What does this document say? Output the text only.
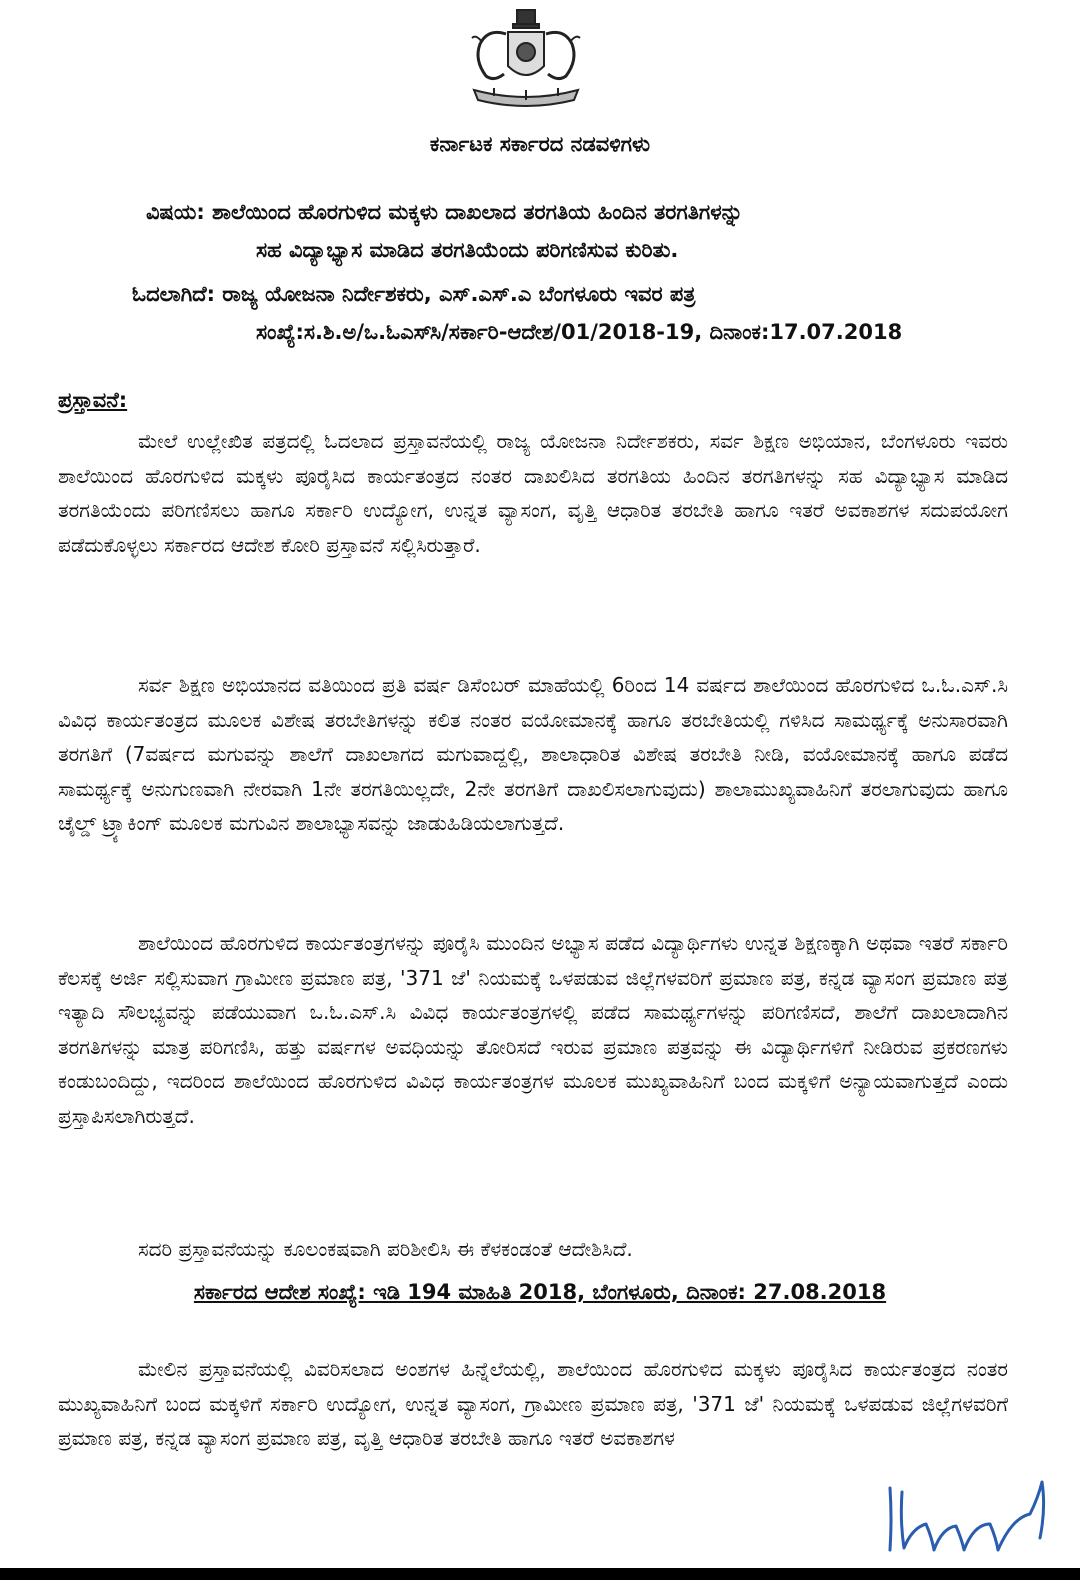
ಕರ್ನಾಟಕ ಸರ್ಕಾರದ ನಡವಳಿಗಳು
ವಿಷಯ: ಶಾಲೆಯಿಂದ ಹೊರಗುಳಿದ ಮಕ್ಕಳು ದಾಖಲಾದ ತರಗತಿಯ ಹಿಂದಿನ ತರಗತಿಗಳನ್ನು
ಸಹ ವಿದ್ಯಾಭ್ಯಾಸ ಮಾಡಿದ ತರಗತಿಯೆಂದು ಪರಿಗಣಿಸುವ ಕುರಿತು.
ಓದಲಾಗಿದೆ: ರಾಜ್ಯ ಯೋಜನಾ ನಿರ್ದೇಶಕರು, ಎಸ್.ಎಸ್.ಎ ಬೆಂಗಳೂರು ಇವರ ಪತ್ರ
ಸಂಖ್ಯೆ:ಸ.ಶಿ.ಅ/ಒ.ಓಎಸ್‍ಸಿ/ಸರ್ಕಾರಿ-ಆದೇಶ/01/2018-19, ದಿನಾಂಕ:17.07.2018
ಪ್ರಸ್ತಾವನೆ:

ಮೇಲೆ ಉಲ್ಲೇಖಿತ ಪತ್ರದಲ್ಲಿ ಓದಲಾದ ಪ್ರಸ್ತಾವನೆಯಲ್ಲಿ ರಾಜ್ಯ ಯೋಜನಾ ನಿರ್ದೇಶಕರು, ಸರ್ವ ಶಿಕ್ಷಣ ಅಭಿಯಾನ, ಬೆಂಗಳೂರು ಇವರು ಶಾಲೆಯಿಂದ ಹೊರಗುಳಿದ ಮಕ್ಕಳು ಪೂರೈಸಿದ ಕಾರ್ಯತಂತ್ರದ ನಂತರ ದಾಖಲಿಸಿದ ತರಗತಿಯ ಹಿಂದಿನ ತರಗತಿಗಳನ್ನು ಸಹ ವಿದ್ಯಾಭ್ಯಾಸ ಮಾಡಿದ ತರಗತಿಯೆಂದು ಪರಿಗಣಿಸಲು ಹಾಗೂ ಸರ್ಕಾರಿ ಉದ್ಯೋಗ, ಉನ್ನತ ವ್ಯಾಸಂಗ, ವೃತ್ತಿ ಆಧಾರಿತ ತರಬೇತಿ ಹಾಗೂ ಇತರೆ ಅವಕಾಶಗಳ ಸದುಪಯೋಗ ಪಡೆದುಕೊಳ್ಳಲು ಸರ್ಕಾರದ ಆದೇಶ ಕೋರಿ ಪ್ರಸ್ತಾವನೆ ಸಲ್ಲಿಸಿರುತ್ತಾರೆ.

ಸರ್ವ ಶಿಕ್ಷಣ ಅಭಿಯಾನದ ವತಿಯಿಂದ ಪ್ರತಿ ವರ್ಷ ಡಿಸೆಂಬರ್ ಮಾಹೆಯಲ್ಲಿ 6ರಿಂದ 14 ವರ್ಷದ ಶಾಲೆಯಿಂದ ಹೊರಗುಳಿದ ಒ.ಓ.ಎಸ್.ಸಿ ವಿವಿಧ ಕಾರ್ಯತಂತ್ರದ ಮೂಲಕ ವಿಶೇಷ ತರಬೇತಿಗಳನ್ನು ಕಲಿತ ನಂತರ ವಯೋಮಾನಕ್ಕೆ ಹಾಗೂ ತರಬೇತಿಯಲ್ಲಿ ಗಳಿಸಿದ ಸಾಮರ್ಥ್ಯಕ್ಕೆ ಅನುಸಾರವಾಗಿ ತರಗತಿಗೆ (7ವರ್ಷದ ಮಗುವನ್ನು ಶಾಲೆಗೆ ದಾಖಲಾಗದ ಮಗುವಾದ್ದಲ್ಲಿ, ಶಾಲಾಧಾರಿತ ವಿಶೇಷ ತರಬೇತಿ ನೀಡಿ, ವಯೋಮಾನಕ್ಕೆ ಹಾಗೂ ಪಡೆದ ಸಾಮರ್ಥ್ಯಕ್ಕೆ ಅನುಗುಣವಾಗಿ ನೇರವಾಗಿ 1ನೇ ತರಗತಿಯಿಲ್ಲದೇ, 2ನೇ ತರಗತಿಗೆ ದಾಖಲಿಸಲಾಗುವುದು) ಶಾಲಾಮುಖ್ಯವಾಹಿನಿಗೆ ತರಲಾಗುವುದು ಹಾಗೂ ಚೈಲ್ಡ್ ಟ್ರ್ಯಾಕಿಂಗ್ ಮೂಲಕ ಮಗುವಿನ ಶಾಲಾಭ್ಯಾಸವನ್ನು ಜಾಡುಹಿಡಿಯಲಾಗುತ್ತದೆ.

ಶಾಲೆಯಿಂದ ಹೊರಗುಳಿದ ಕಾರ್ಯತಂತ್ರಗಳನ್ನು ಪೂರೈಸಿ ಮುಂದಿನ ಅಭ್ಯಾಸ ಪಡೆದ ವಿದ್ಯಾರ್ಥಿಗಳು ಉನ್ನತ ಶಿಕ್ಷಣಕ್ಕಾಗಿ ಅಥವಾ ಇತರೆ ಸರ್ಕಾರಿ ಕೆಲಸಕ್ಕೆ ಅರ್ಜಿ ಸಲ್ಲಿಸುವಾಗ ಗ್ರಾಮೀಣ ಪ್ರಮಾಣ ಪತ್ರ, '371 ಜೆ' ನಿಯಮಕ್ಕೆ ಒಳಪಡುವ ಜಿಲ್ಲೆಗಳವರಿಗೆ ಪ್ರಮಾಣ ಪತ್ರ, ಕನ್ನಡ ವ್ಯಾಸಂಗ ಪ್ರಮಾಣ ಪತ್ರ ಇತ್ಯಾದಿ ಸೌಲಭ್ಯವನ್ನು ಪಡೆಯುವಾಗ ಒ.ಓ.ಎಸ್.ಸಿ ವಿವಿಧ ಕಾರ್ಯತಂತ್ರಗಳಲ್ಲಿ ಪಡೆದ ಸಾಮರ್ಥ್ಯಗಳನ್ನು ಪರಿಗಣಿಸದೆ, ಶಾಲೆಗೆ ದಾಖಲಾದಾಗಿನ ತರಗತಿಗಳನ್ನು ಮಾತ್ರ ಪರಿಗಣಿಸಿ, ಹತ್ತು ವರ್ಷಗಳ ಅವಧಿಯನ್ನು ತೋರಿಸದೆ ಇರುವ ಪ್ರಮಾಣ ಪತ್ರವನ್ನು ಈ ವಿದ್ಯಾರ್ಥಿಗಳಿಗೆ ನೀಡಿರುವ ಪ್ರಕರಣಗಳು ಕಂಡುಬಂದಿದ್ದು, ಇದರಿಂದ ಶಾಲೆಯಿಂದ ಹೊರಗುಳಿದ ವಿವಿಧ ಕಾರ್ಯತಂತ್ರಗಳ ಮೂಲಕ ಮುಖ್ಯವಾಹಿನಿಗೆ ಬಂದ ಮಕ್ಕಳಿಗೆ ಅನ್ಯಾಯವಾಗುತ್ತದೆ ಎಂದು ಪ್ರಸ್ತಾಪಿಸಲಾಗಿರುತ್ತದೆ.

ಸದರಿ ಪ್ರಸ್ತಾವನೆಯನ್ನು ಕೂಲಂಕಷವಾಗಿ ಪರಿಶೀಲಿಸಿ ಈ ಕೆಳಕಂಡಂತೆ ಆದೇಶಿಸಿದೆ.

ಸರ್ಕಾರದ ಆದೇಶ ಸಂಖ್ಯೆ: ಇಡಿ 194 ಮಾಹಿತಿ 2018, ಬೆಂಗಳೂರು, ದಿನಾಂಕ: 27.08.2018

ಮೇಲಿನ ಪ್ರಸ್ತಾವನೆಯಲ್ಲಿ ವಿವರಿಸಲಾದ ಅಂಶಗಳ ಹಿನ್ನೆಲೆಯಲ್ಲಿ, ಶಾಲೆಯಿಂದ ಹೊರಗುಳಿದ ಮಕ್ಕಳು ಪೂರೈಸಿದ ಕಾರ್ಯತಂತ್ರದ ನಂತರ ಮುಖ್ಯವಾಹಿನಿಗೆ ಬಂದ ಮಕ್ಕಳಿಗೆ ಸರ್ಕಾರಿ ಉದ್ಯೋಗ, ಉನ್ನತ ವ್ಯಾಸಂಗ, ಗ್ರಾಮೀಣ ಪ್ರಮಾಣ ಪತ್ರ, '371 ಜೆ' ನಿಯಮಕ್ಕೆ ಒಳಪಡುವ ಜಿಲ್ಲೆಗಳವರಿಗೆ ಪ್ರಮಾಣ ಪತ್ರ, ಕನ್ನಡ ವ್ಯಾಸಂಗ ಪ್ರಮಾಣ ಪತ್ರ, ವೃತ್ತಿ ಆಧಾರಿತ ತರಬೇತಿ ಹಾಗೂ ಇತರೆ ಅವಕಾಶಗಳ
